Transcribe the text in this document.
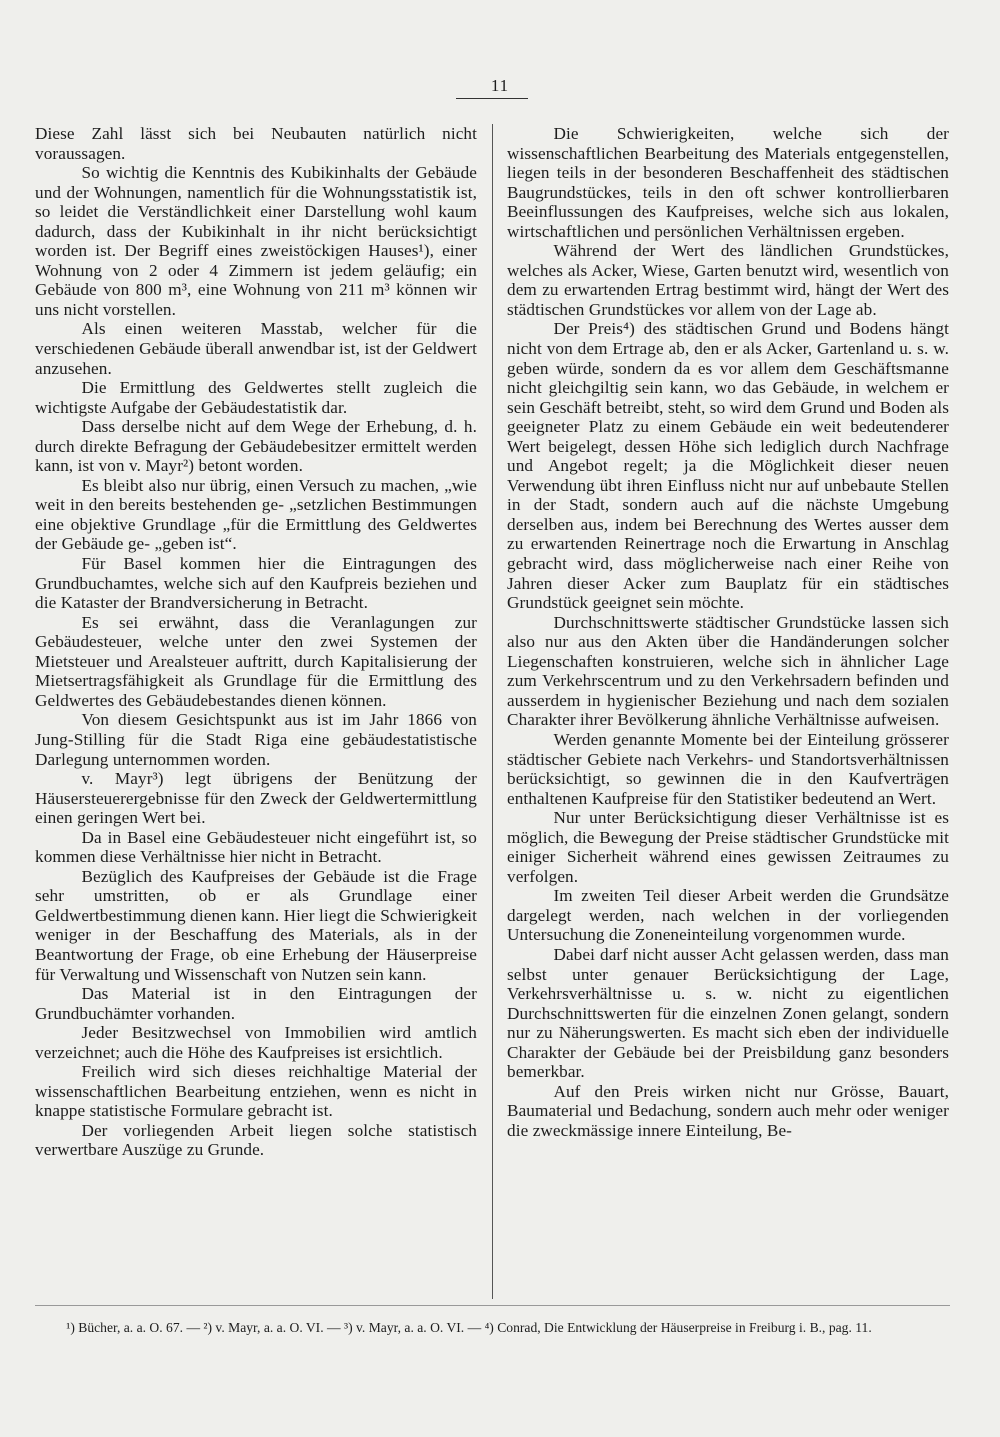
11

Diese Zahl lässt sich bei Neubauten natürlich nicht voraussagen.

So wichtig die Kenntnis des Kubikinhalts der Gebäude und der Wohnungen, namentlich für die Wohnungsstatistik ist, so leidet die Verständlichkeit einer Darstellung wohl kaum dadurch, dass der Kubikinhalt in ihr nicht berücksichtigt worden ist. Der Begriff eines zweistöckigen Hauses¹), einer Wohnung von 2 oder 4 Zimmern ist jedem geläufig; ein Gebäude von 800 m³, eine Wohnung von 211 m³ können wir uns nicht vorstellen.

Als einen weiteren Masstab, welcher für die verschiedenen Gebäude überall anwendbar ist, ist der Geldwert anzusehen.

Die Ermittlung des Geldwertes stellt zugleich die wichtigste Aufgabe der Gebäudestatistik dar.

Dass derselbe nicht auf dem Wege der Erhebung, d. h. durch direkte Befragung der Gebäudebesitzer ermittelt werden kann, ist von v. Mayr²) betont worden.

Es bleibt also nur übrig, einen Versuch zu machen, „wie weit in den bereits bestehenden ge- „setzlichen Bestimmungen eine objektive Grundlage „für die Ermittlung des Geldwertes der Gebäude ge- „geben ist“.

Für Basel kommen hier die Eintragungen des Grundbuchamtes, welche sich auf den Kaufpreis beziehen und die Kataster der Brandversicherung in Betracht.

Es sei erwähnt, dass die Veranlagungen zur Gebäudesteuer, welche unter den zwei Systemen der Mietsteuer und Arealsteuer auftritt, durch Kapitalisierung der Mietsertragsfähigkeit als Grundlage für die Ermittlung des Geldwertes des Gebäudebestandes dienen können.

Von diesem Gesichtspunkt aus ist im Jahr 1866 von Jung-Stilling für die Stadt Riga eine gebäudestatistische Darlegung unternommen worden.

v. Mayr³) legt übrigens der Benützung der Häusersteuerergebnisse für den Zweck der Geldwertermittlung einen geringen Wert bei.

Da in Basel eine Gebäudesteuer nicht eingeführt ist, so kommen diese Verhältnisse hier nicht in Betracht.

Bezüglich des Kaufpreises der Gebäude ist die Frage sehr umstritten, ob er als Grundlage einer Geldwertbestimmung dienen kann. Hier liegt die Schwierigkeit weniger in der Beschaffung des Materials, als in der Beantwortung der Frage, ob eine Erhebung der Häuserpreise für Verwaltung und Wissenschaft von Nutzen sein kann.

Das Material ist in den Eintragungen der Grundbuchämter vorhanden.

Jeder Besitzwechsel von Immobilien wird amtlich verzeichnet; auch die Höhe des Kaufpreises ist ersichtlich.

Freilich wird sich dieses reichhaltige Material der wissenschaftlichen Bearbeitung entziehen, wenn es nicht in knappe statistische Formulare gebracht ist.

Der vorliegenden Arbeit liegen solche statistisch verwertbare Auszüge zu Grunde.

Die Schwierigkeiten, welche sich der wissenschaftlichen Bearbeitung des Materials entgegenstellen, liegen teils in der besonderen Beschaffenheit des städtischen Baugrundstückes, teils in den oft schwer kontrollierbaren Beeinflussungen des Kaufpreises, welche sich aus lokalen, wirtschaftlichen und persönlichen Verhältnissen ergeben.

Während der Wert des ländlichen Grundstückes, welches als Acker, Wiese, Garten benutzt wird, wesentlich von dem zu erwartenden Ertrag bestimmt wird, hängt der Wert des städtischen Grundstückes vor allem von der Lage ab.

Der Preis⁴) des städtischen Grund und Bodens hängt nicht von dem Ertrage ab, den er als Acker, Gartenland u. s. w. geben würde, sondern da es vor allem dem Geschäftsmanne nicht gleichgiltig sein kann, wo das Gebäude, in welchem er sein Geschäft betreibt, steht, so wird dem Grund und Boden als geeigneter Platz zu einem Gebäude ein weit bedeutenderer Wert beigelegt, dessen Höhe sich lediglich durch Nachfrage und Angebot regelt; ja die Möglichkeit dieser neuen Verwendung übt ihren Einfluss nicht nur auf unbebaute Stellen in der Stadt, sondern auch auf die nächste Umgebung derselben aus, indem bei Berechnung des Wertes ausser dem zu erwartenden Reinertrage noch die Erwartung in Anschlag gebracht wird, dass möglicherweise nach einer Reihe von Jahren dieser Acker zum Bauplatz für ein städtisches Grundstück geeignet sein möchte.

Durchschnittswerte städtischer Grundstücke lassen sich also nur aus den Akten über die Handänderungen solcher Liegenschaften konstruieren, welche sich in ähnlicher Lage zum Verkehrscentrum und zu den Verkehrsadern befinden und ausserdem in hygienischer Beziehung und nach dem sozialen Charakter ihrer Bevölkerung ähnliche Verhältnisse aufweisen.

Werden genannte Momente bei der Einteilung grösserer städtischer Gebiete nach Verkehrs- und Standortsverhältnissen berücksichtigt, so gewinnen die in den Kaufverträgen enthaltenen Kaufpreise für den Statistiker bedeutend an Wert.

Nur unter Berücksichtigung dieser Verhältnisse ist es möglich, die Bewegung der Preise städtischer Grundstücke mit einiger Sicherheit während eines gewissen Zeitraumes zu verfolgen.

Im zweiten Teil dieser Arbeit werden die Grundsätze dargelegt werden, nach welchen in der vorliegenden Untersuchung die Zoneneinteilung vorgenommen wurde.

Dabei darf nicht ausser Acht gelassen werden, dass man selbst unter genauer Berücksichtigung der Lage, Verkehrsverhältnisse u. s. w. nicht zu eigentlichen Durchschnittswerten für die einzelnen Zonen gelangt, sondern nur zu Näherungswerten. Es macht sich eben der individuelle Charakter der Gebäude bei der Preisbildung ganz besonders bemerkbar.

Auf den Preis wirken nicht nur Grösse, Bauart, Baumaterial und Bedachung, sondern auch mehr oder weniger die zweckmässige innere Einteilung, Be-

¹) Bücher, a. a. O. 67. — ²) v. Mayr, a. a. O. VI. — ³) v. Mayr, a. a. O. VI. — ⁴) Conrad, Die Entwicklung der Häuserpreise in Freiburg i. B., pag. 11.
